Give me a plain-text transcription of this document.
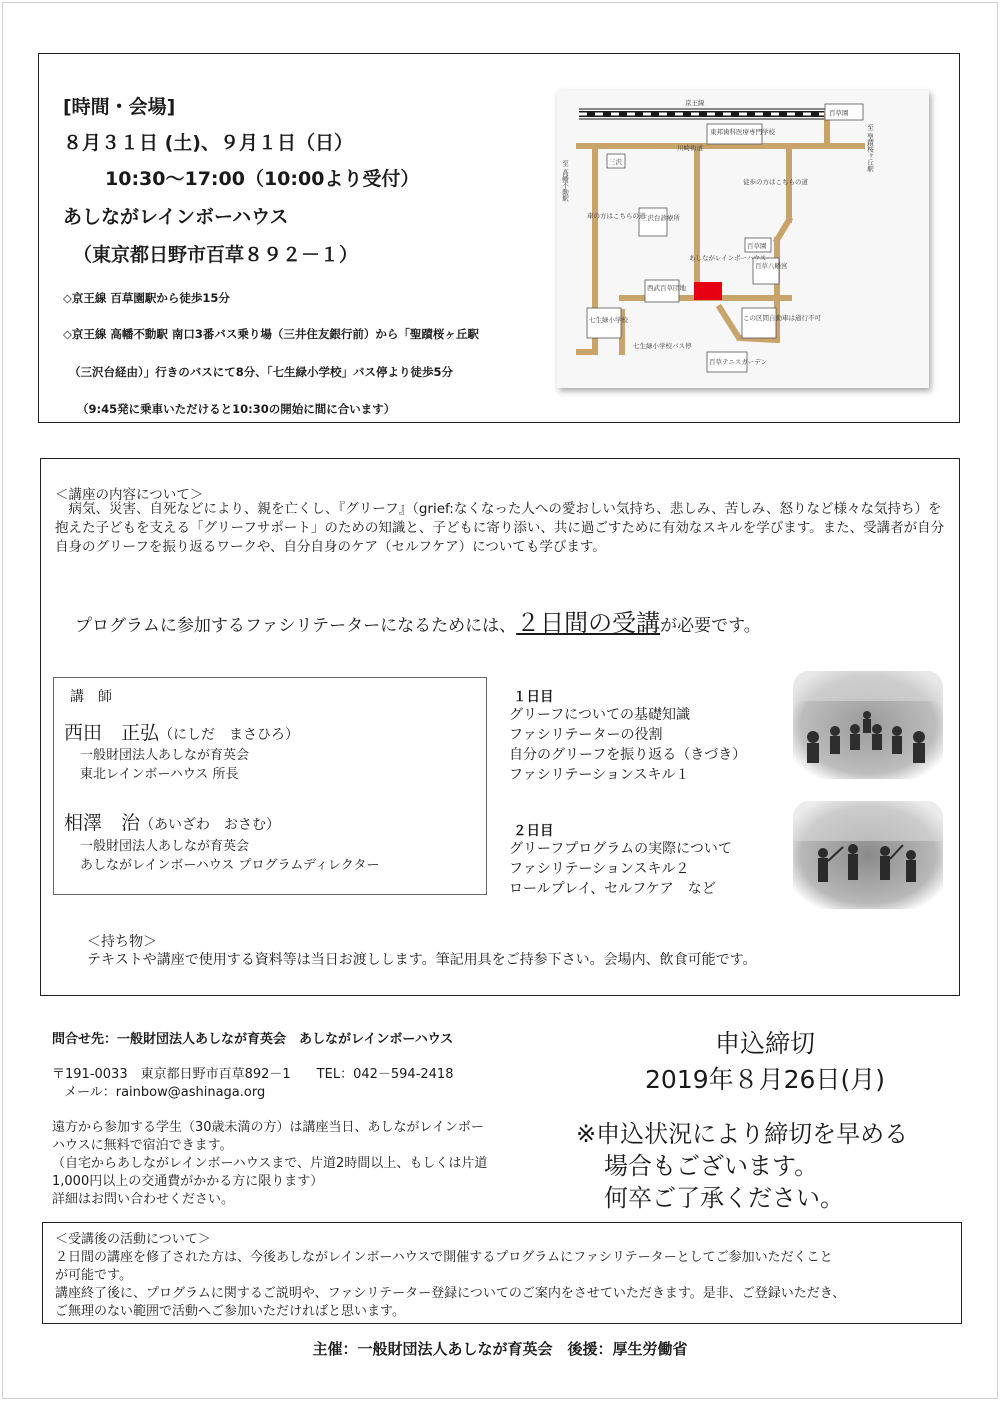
[時間・会場]
８月３１日 (土)、９月１日（日）
10:30〜17:00（10:00より受付）
あしながレインボーハウス
（東京都日野市百草８９２－１）
◇京王線 百草園駅から徒歩15分
◇京王線 高幡不動駅 南口3番バス乗り場（三井住友銀行前）から「聖蹟桜ヶ丘駅
（三沢台経由）」行きのバスにて8分、「七生緑小学校」バス停より徒歩5分
（9:45発に乗車いただけると10:30の開始に間に合います）
京王線
百草園
東邦歯科医療専門学校
川崎街道
三沢
徒歩の方はこちらの道
車の方はこちらの道
三沢台診療所
百草園
百草八幡宮
あしながレインボーハウス
西武百草団地
七生緑小学校
七生緑小学校バス停
この区間自動車は通行不可
百草テニスガーデン
至 高幡不動駅
至 聖蹟桜ヶ丘駅
＜講座の内容について＞
　病気、災害、自死などにより、親を亡くし、『グリーフ』（grief:なくなった人への愛おしい気持ち、悲しみ、苦しみ、怒りなど様々な気持ち）を抱えた子どもを支える「グリーフサポート」のための知識と、子どもに寄り添い、共に過ごすために有効なスキルを学びます。また、受講者が自分自身のグリーフを振り返るワークや、自分自身のケア（セルフケア）についても学びます。
プログラムに参加するファシリテーターになるためには、２日間の受講が必要です。
講　師
西田　正弘（にしだ　まさひろ）
一般財団法人あしなが育英会
東北レインボーハウス 所長
相澤　治（あいざわ　おさむ）
一般財団法人あしなが育英会
あしながレインボーハウス プログラムディレクター
１日目
グリーフについての基礎知識
ファシリテーターの役割
自分のグリーフを振り返る（きづき）
ファシリテーションスキル１
２日目
グリーフプログラムの実際について
ファシリテーションスキル２
ロールプレイ、セルフケア　など
＜持ち物＞
テキストや講座で使用する資料等は当日お渡しします。筆記用具をご持参下さい。会場内、飲食可能です。
問合せ先：一般財団法人あしなが育英会　あしながレインボーハウス
〒191-0033　東京都日野市百草892－1　　TEL：042－594-2418
メール：rainbow@ashinaga.org
遠方から参加する学生（30歳未満の方）は講座当日、あしながレインボー
ハウスに無料で宿泊できます。
（自宅からあしながレインボーハウスまで、片道2時間以上、もしくは片道
1,000円以上の交通費がかかる方に限ります）
詳細はお問い合わせください。
申込締切
2019年８月26日(月)
※申込状況により締切を早める
場合もございます。
何卒ご了承ください。
＜受講後の活動について＞
２日間の講座を修了された方は、今後あしながレインボーハウスで開催するプログラムにファシリテーターとしてご参加いただくこと
が可能です。
講座終了後に、プログラムに関するご説明や、ファシリテーター登録についてのご案内をさせていただきます。是非、ご登録いただき、
ご無理のない範囲で活動へご参加いただければと思います。
主催：一般財団法人あしなが育英会　後援：厚生労働省
